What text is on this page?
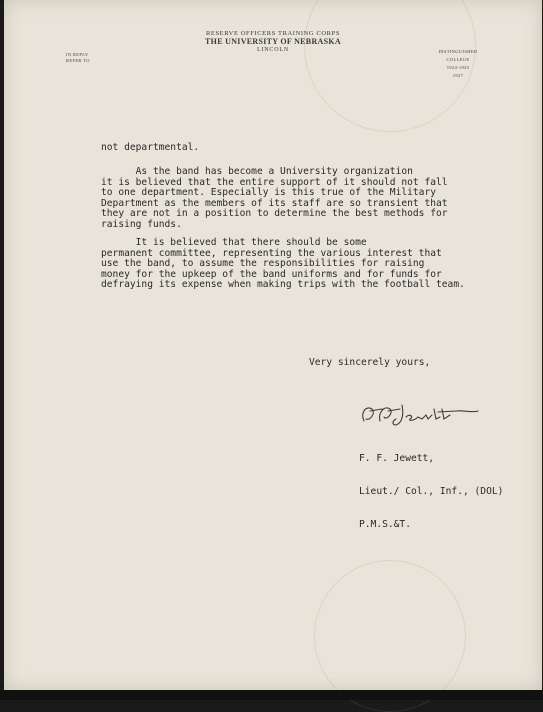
RESERVE OFFICERS TRAINING CORPS
THE UNIVERSITY OF NEBRASKA
LINCOLN
IN REPLY
REFER TO
DISTINGUISHED
COLLEGE
1924-1925
1927

not departmental.

As the band has become a University organization
it is believed that the entire support of it should not fall
to one department. Especially is this true of the Military
Department as the members of its staff are so transient that
they are not in a position to determine the best methods for
raising funds.

It is believed that there should be some
permanent committee, representing the various interest that
use the band, to assume the responsibilities for raising
money for the upkeep of the band uniforms and for funds for
defraying its expense when making trips with the football team.

Very sincerely yours,

F. F. Jewett,

Lieut./ Col., Inf., (DOL)

P.M.S.&T.
